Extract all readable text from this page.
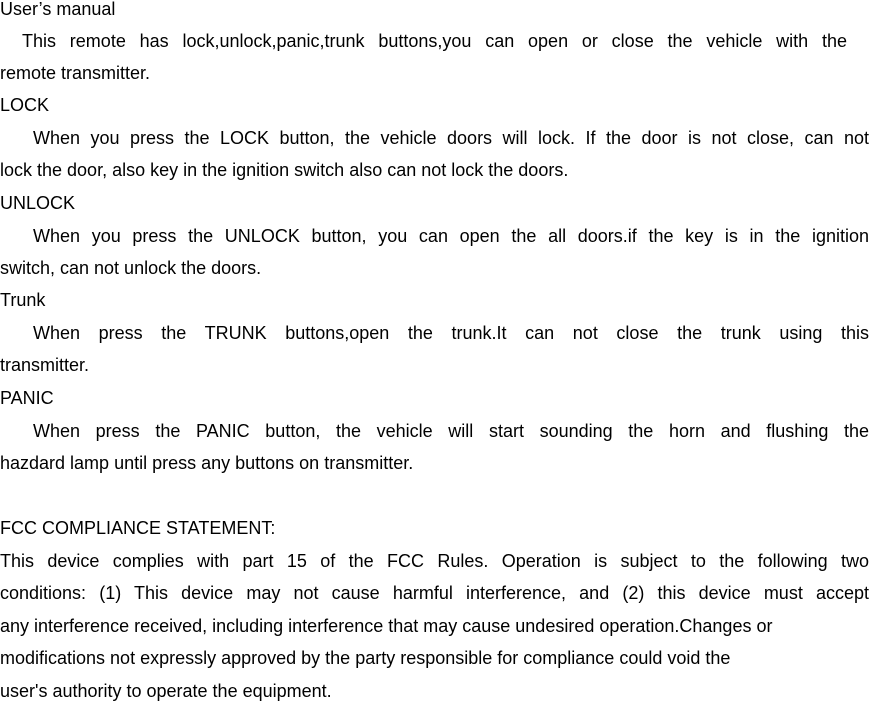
User’s manual
This remote has lock,unlock,panic,trunk buttons,you can open or close the vehicle with the
remote transmitter.
LOCK
When you press the LOCK button, the vehicle doors will lock. If the door is not close, can not
lock the door, also key in the ignition switch also can not lock the doors.
UNLOCK
When you press the UNLOCK button, you can open the all doors.if the key is in the ignition
switch, can not unlock the doors.
Trunk
When press the TRUNK buttons,open the trunk.It can not close the trunk using this
transmitter.
PANIC
When press the PANIC button, the vehicle will start sounding the horn and flushing the
hazdard lamp until press any buttons on transmitter.
FCC COMPLIANCE STATEMENT:
This device complies with part 15 of the FCC Rules. Operation is subject to the following two
conditions: (1) This device may not cause harmful interference, and (2) this device must accept
any interference received, including interference that may cause undesired operation.Changes or
modifications not expressly approved by the party responsible for compliance could void the
user's authority to operate the equipment.
